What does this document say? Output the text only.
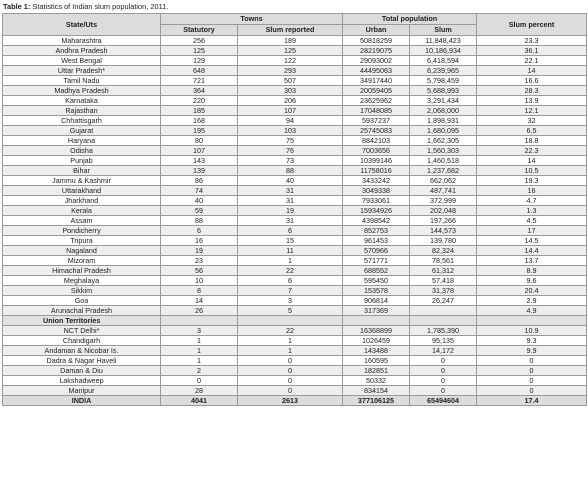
Table 1: Statistics of Indian slum population, 2011.
State/Uts	Towns		Total population		Slum percent
	Statutory	Slum reported	Urban	Slum	
Maharashtra	256	189	50818259	11,848,423	23.3
Andhra Pradesh	125	125	28219075	10,186,934	36.1
West Bengal	129	122	29093002	6,418,594	22.1
Uttar Pradesh*	648	293	44495063	6,239,965	14
Tamil Nadu	721	507	34917440	5,798,459	16.6
Madhya Pradesh	364	303	20059405	5,688,993	28.3
Karnataka	220	206	23625962	3,291,434	13.9
Rajasthan	185	107	17048085	2,068,000	12.1
Chhattisgarh	168	94	5937237	1,898,931	32
Gujarat	195	103	25745083	1,680,095	6.5
Haryana	80	75	8842103	1,662,305	18.8
Odisha	107	76	7003656	1,560,303	22.3
Punjab	143	73	10399146	1,460,518	14
Bihar	139	88	11758016	1,237,682	10.5
Jammu & Kashmir	86	40	3433242	662,062	19.3
Uttarakhand	74	31	3049338	487,741	16
Jharkhand	40	31	7933061	372,999	4.7
Kerala	59	19	15934926	202,048	1.3
Assam	88	31	4398542	197,266	4.5
Pondicherry	6	6	852753	144,573	17
Tripura	16	15	961453	139,780	14.5
Nagaland	19	11	570966	82,324	14.4
Mizoram	23	1	571771	78,561	13.7
Himachal Pradesh	56	22	688552	61,312	8.9
Meghalaya	10	6	595450	57,418	9.6
Sikkim	8	7	153578	31,378	20.4
Goa	14	3	906814	26,247	2.9
Arunachal Pradesh	26	5	317369		4.9
Union Territories					
NCT Delhi*	3	22	16368899	1,785,390	10.9
Chandigarh	1	1	1026459	95,135	9.3
Andaman & Nicobar Is.	1	1	143488	14,172	9.9
Dadra & Nagar Haveli	1	0	160595	0	0
Daman & Diu	2	0	182851	0	0
Lakshadweep	0	0	50332	0	0
Manipur	28	0	834154	0	0
INDIA	4041	2613	377106125	65494604	17.4
